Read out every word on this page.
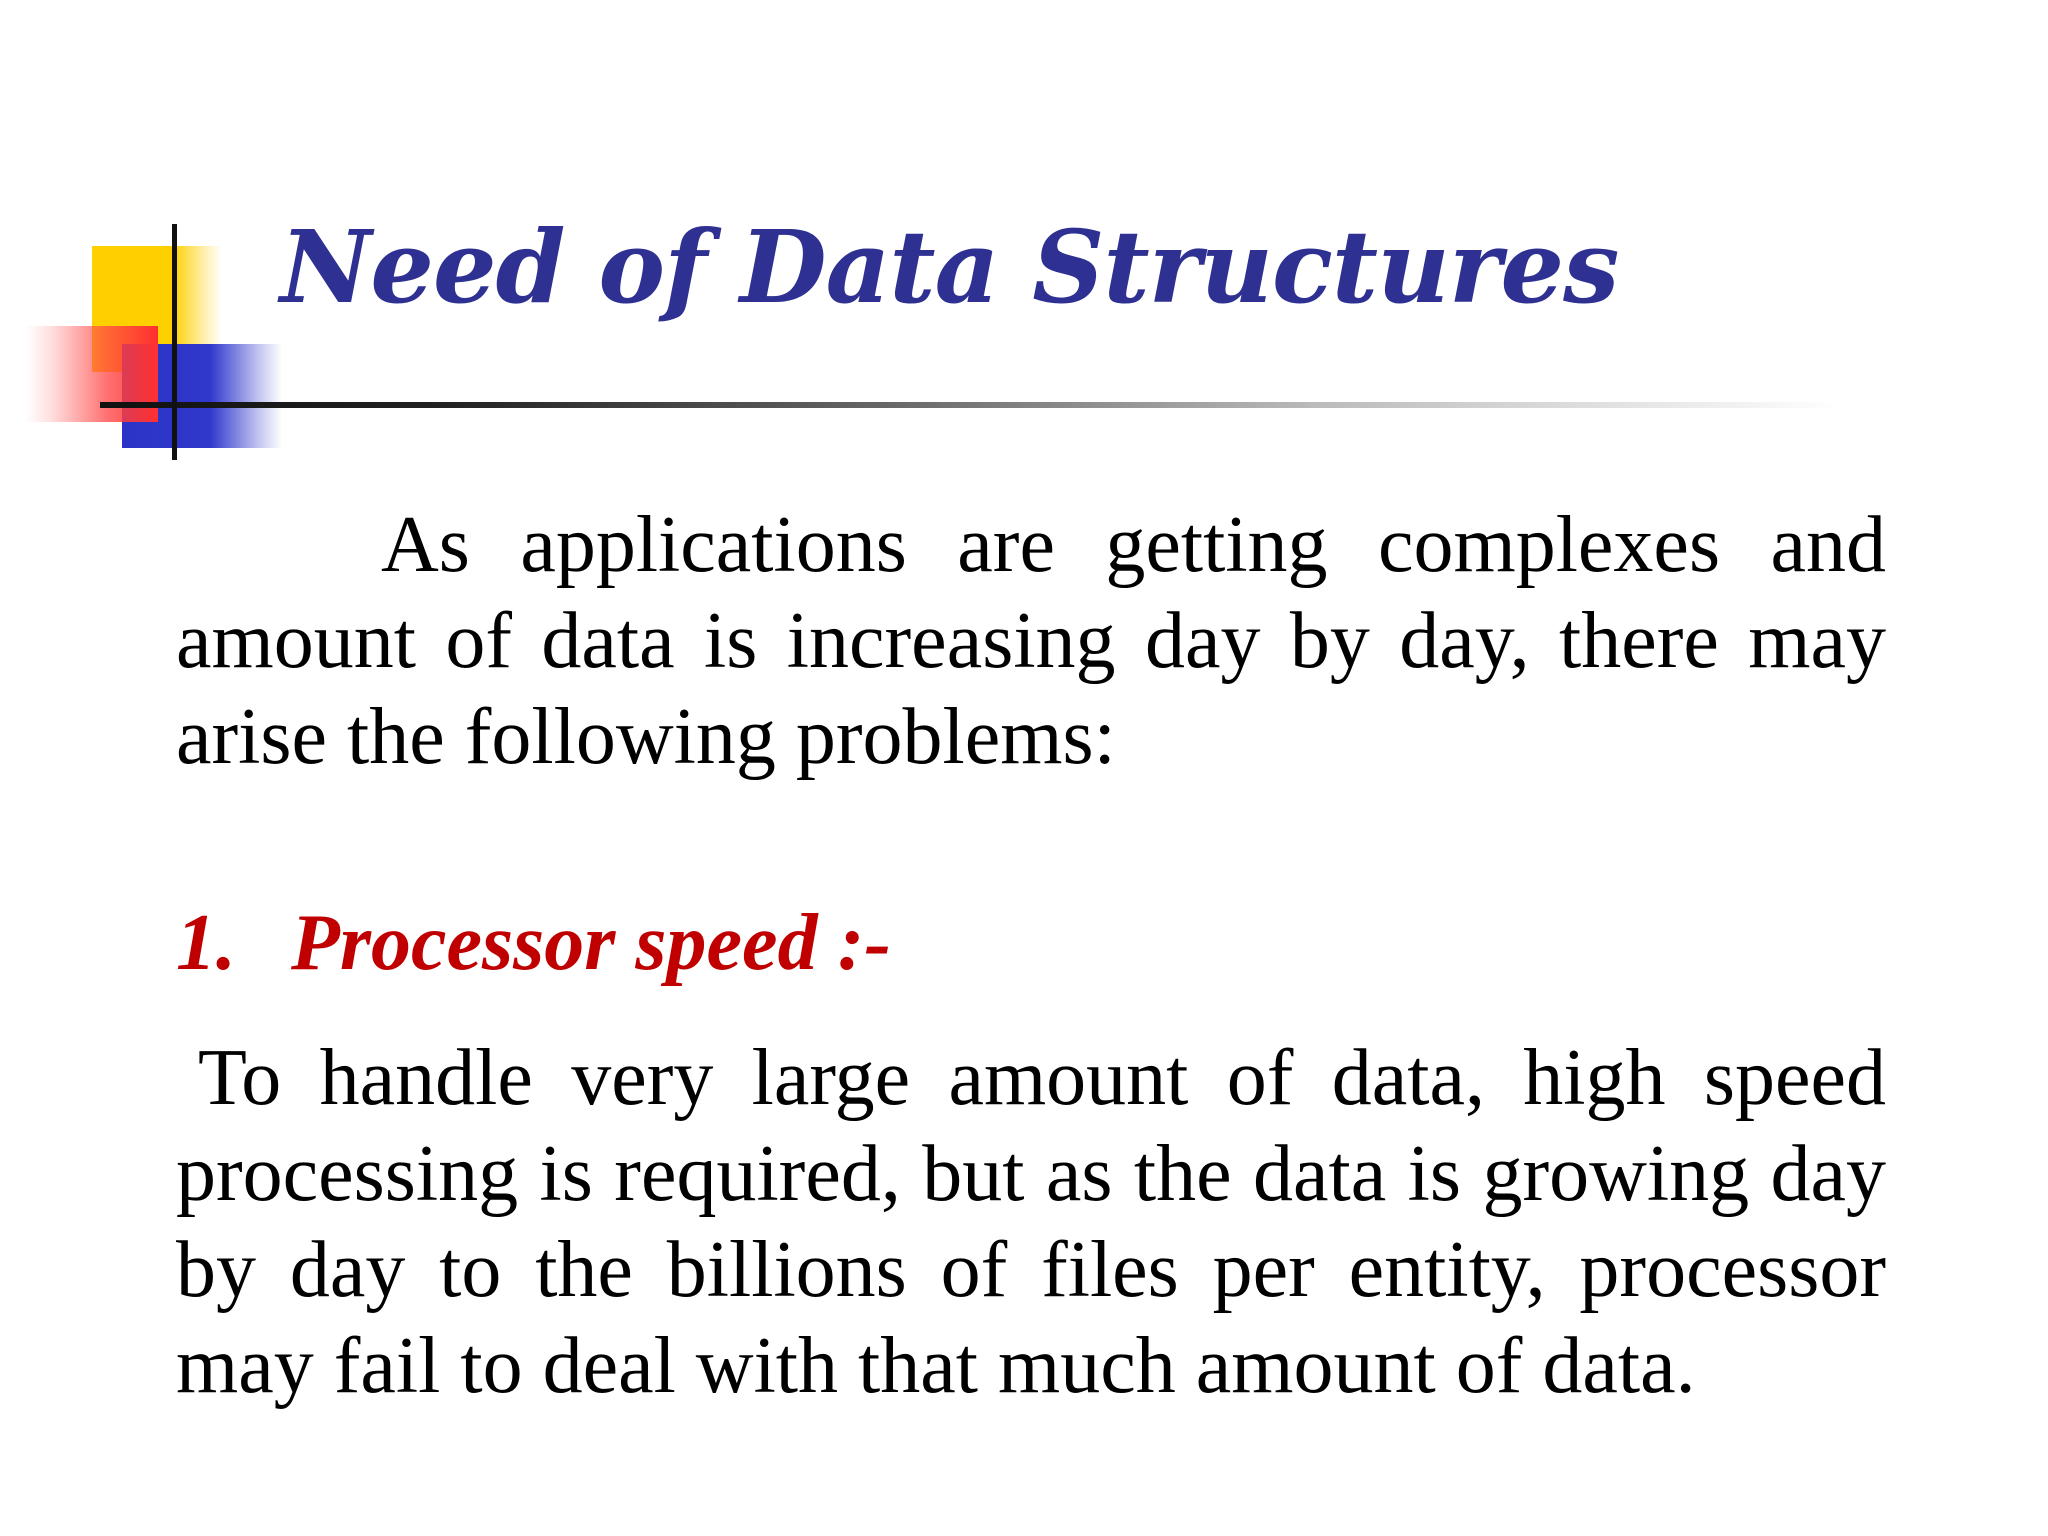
Need of Data Structures

As applications are getting complexes and amount of data is increasing day by day, there may arise the following problems:

1. Processor speed :-

To handle very large amount of data, high speed processing is required, but as the data is growing day by day to the billions of files per entity, processor may fail to deal with that much amount of data.
